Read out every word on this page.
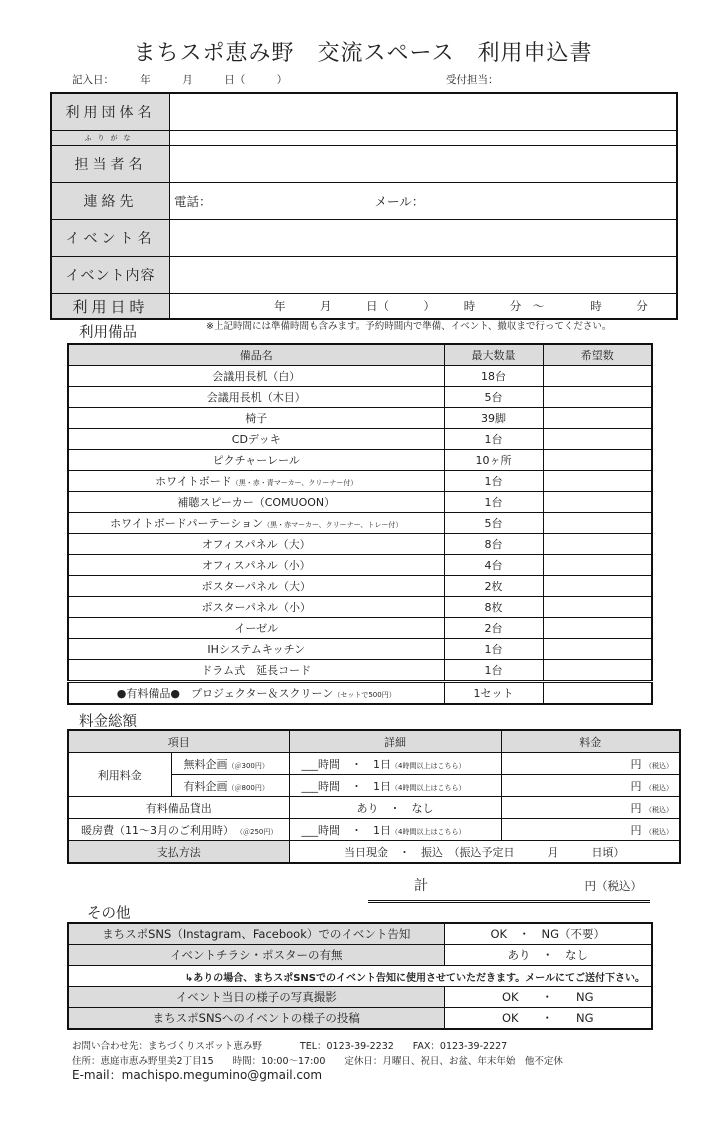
まちスポ恵み野　交流スペース　利用申込書
記入日：　　　年　　　月　　　日（　　　）	受付担当：
利用団体名	
ふりがな	
担当者名	
連絡先	電話： メール：
イベント名	
イベント内容	
利用日時	年　　　月　　　日（　　　）　　　時　　　分　～　　　　時　　　分
利用備品	※上記時間には準備時間も含みます。予約時間内で準備、イベント、撤収まで行ってください。
備品名	最大数量	希望数
会議用長机（白）	18台	
会議用長机（木目）	5台	
椅子	39脚	
CDデッキ	1台	
ピクチャーレール	10ヶ所	
ホワイトボード（黒・赤・青マーカー、クリーナー付）	1台	
補聴スピーカー（COMUOON）	1台	
ホワイトボードパーテーション（黒・赤マーカー、クリーナー、トレー付）	5台	
オフィスパネル（大）	8台	
オフィスパネル（小）	4台	
ポスターパネル（大）	2枚	
ポスターパネル（小）	8枚	
イーゼル	2台	
IHシステムキッチン	1台	
ドラム式　延長コード	1台	
●有料備品●　プロジェクター＆スクリーン（セットで500円）	1セット	
料金総額
項目		詳細	料金
利用料金	無料企画（＠300円）	___時間　・　1日（4時間以上はこちら）	円 （税込）
	有料企画（＠800円）	___時間　・　1日（4時間以上はこちら）	円 （税込）
有料備品貸出		あり　・　なし	円 （税込）
暖房費（11～3月のご利用時）　 （＠250円）		___時間　・　1日（4時間以上はこちら）	円 （税込）
支払方法		当日現金　・　振込　（振込予定日　　　月　　　日頃）	
計	円（税込）
その他
まちスポSNS（Instagram、Facebook）でのイベント告知	OK　・　NG（不要）
イベントチラシ・ポスターの有無	あり　・　なし
↳ありの場合、まちスポSNSでのイベント告知に使用させていただきます。メールにてご送付下さい。	
イベント当日の様子の写真撮影	OK　　・　　NG
まちスポSNSへのイベントの様子の投稿	OK　　・　　NG
お問い合わせ先：まちづくりスポット恵み野　　　　TEL：0123-39-2232　　FAX：0123-39-2227
住所：恵庭市恵み野里美2丁目15　　時間：10:00～17:00　　定休日：月曜日、祝日、お盆、年末年始　他不定休
E-mail：machispo.megumino@gmail.com
